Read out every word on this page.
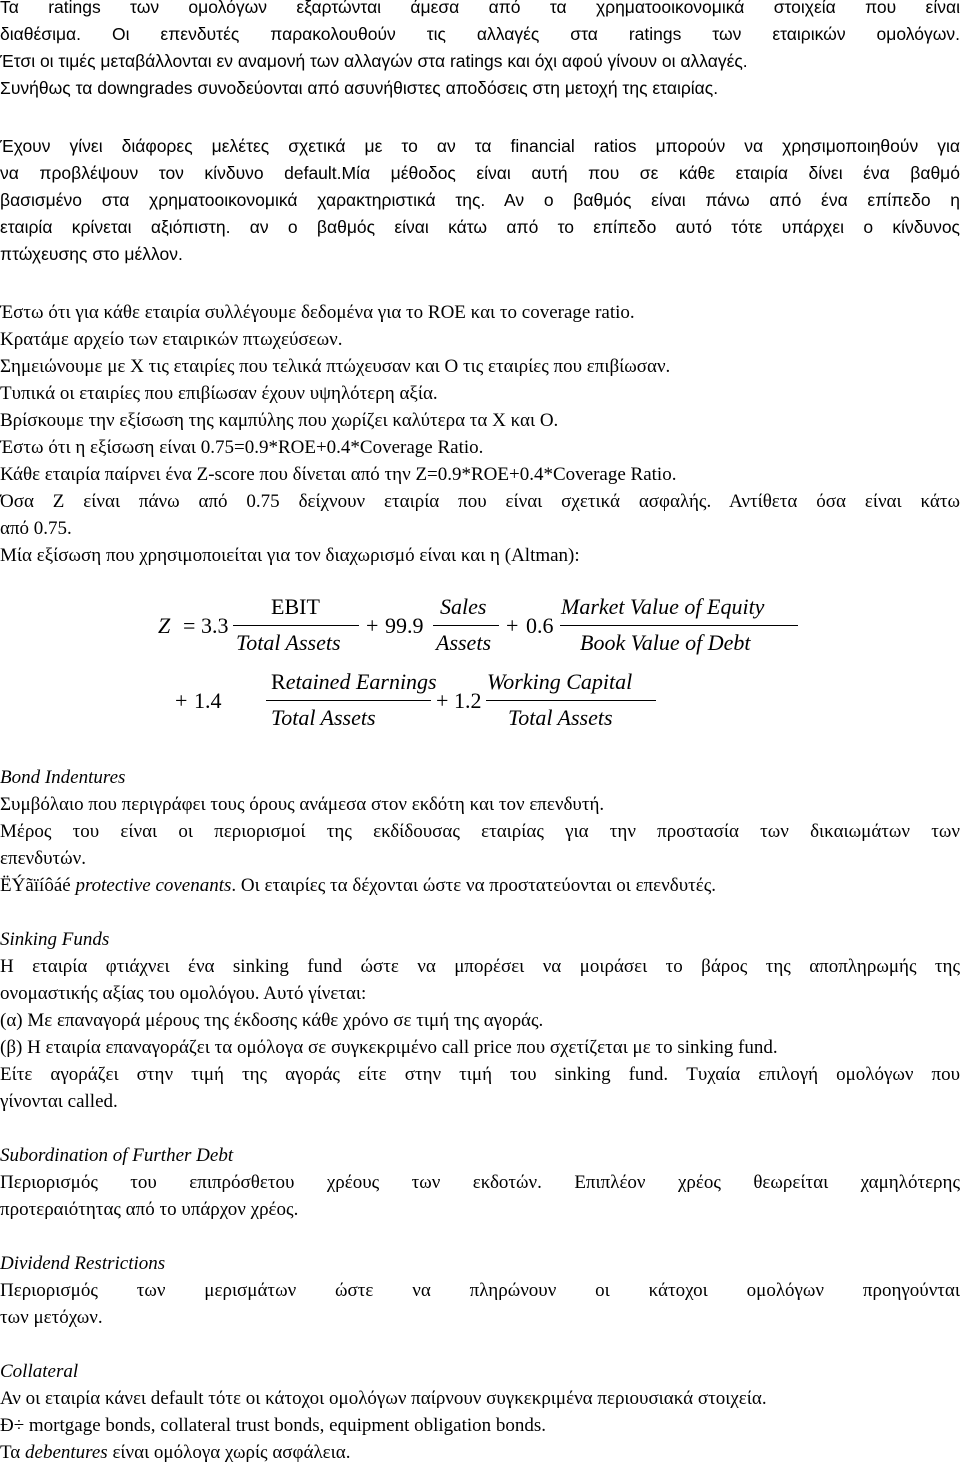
Τα ratings των ομολόγων εξαρτώνται άμεσα από τα χρηματοοικονομικά στοιχεία που είναι
διαθέσιμα. Οι επενδυτές παρακολουθούν τις αλλαγές στα ratings των εταιρικών ομολόγων.
Έτσι οι τιμές μεταβάλλονται εν αναμονή των αλλαγών στα ratings και όχι αφού γίνουν οι αλλαγές.
Συνήθως τα downgrades συνοδεύονται από ασυνήθιστες αποδόσεις στη μετοχή της εταιρίας.
Έχουν γίνει διάφορες μελέτες σχετικά με το αν τα financial ratios μπορούν να χρησιμοποιηθούν για
να προβλέψουν τον κίνδυνο default.Μία μέθοδος είναι αυτή που σε κάθε εταιρία δίνει ένα βαθμό
βασισμένο στα χρηματοοικονομικά χαρακτηριστικά της. Αν ο βαθμός είναι πάνω από ένα επίπεδο η
εταιρία κρίνεται αξιόπιστη. αν ο βαθμός είναι κάτω από το επίπεδο αυτό τότε υπάρχει ο κίνδυνος
πτώχευσης στο μέλλον.
Έστω ότι για κάθε εταιρία συλλέγουμε δεδομένα για το ROE και το coverage ratio.
Κρατάμε αρχείο των εταιρικών πτωχεύσεων.
Σημειώνουμε με Χ τις εταιρίες που τελικά πτώχευσαν και Ο τις εταιρίες που επιβίωσαν.
Τυπικά οι εταιρίες που επιβίωσαν έχουν υψηλότερη αξία.
Βρίσκουμε την εξίσωση της καμπύλης που χωρίζει καλύτερα τα Χ και Ο.
Έστω ότι η εξίσωση είναι 0.75=0.9*ROE+0.4*Coverage Ratio.
Κάθε εταιρία παίρνει ένα Z-score που δίνεται από την Z=0.9*ROE+0.4*Coverage Ratio.
Όσα Z είναι πάνω από 0.75 δείχνουν εταιρία που είναι σχετικά ασφαλής. Αντίθετα όσα είναι κάτω
από 0.75.
Μία εξίσωση που χρησιμοποιείται για τον διαχωρισμό είναι και η (Altman):
Z = 3.3
EBIT
Total Assets
+ 99.9
Sales
Assets
+ 0.6
Market Value of Equity
Book Value of Debt
+ 1.4
Retained Earnings
Total Assets
+ 1.2
Working Capital
Total Assets
Bond Indentures
Συμβόλαιο που περιγράφει τους όρους ανάμεσα στον εκδότη και τον επενδυτή.
Μέρος του είναι οι περιορισμοί της εκδίδουσας εταιρίας για την προστασία των δικαιωμάτων των
επενδυτών.
ËÝãïíôáé protective covenants. Οι εταιρίες τα δέχονται ώστε να προστατεύονται οι επενδυτές.
Sinking Funds
Η εταιρία φτιάχνει ένα sinking fund ώστε να μπορέσει να μοιράσει το βάρος της αποπληρωμής της
ονομαστικής αξίας του ομολόγου. Αυτό γίνεται:
(α) Με επαναγορά μέρους της έκδοσης κάθε χρόνο σε τιμή της αγοράς.
(β) Η εταιρία επαναγοράζει τα ομόλογα σε συγκεκριμένο call price που σχετίζεται με το sinking fund.
Είτε αγοράζει στην τιμή της αγοράς είτε στην τιμή του sinking fund. Τυχαία επιλογή ομολόγων που
γίνονται called.
Subordination of Further Debt
Περιορισμός του επιπρόσθετου χρέους των εκδοτών. Επιπλέον χρέος θεωρείται χαμηλότερης
προτεραιότητας από το υπάρχον χρέος.
Dividend Restrictions
Περιορισμός των μερισμάτων ώστε να πληρώνουν οι κάτοχοι ομολόγων προηγούνται
των μετόχων.
Collateral
Αν οι εταιρία κάνει default τότε οι κάτοχοι ομολόγων παίρνουν συγκεκριμένα περιουσιακά στοιχεία.
Ð÷ mortgage bonds, collateral trust bonds, equipment obligation bonds.
Τα debentures είναι ομόλογα χωρίς ασφάλεια.
